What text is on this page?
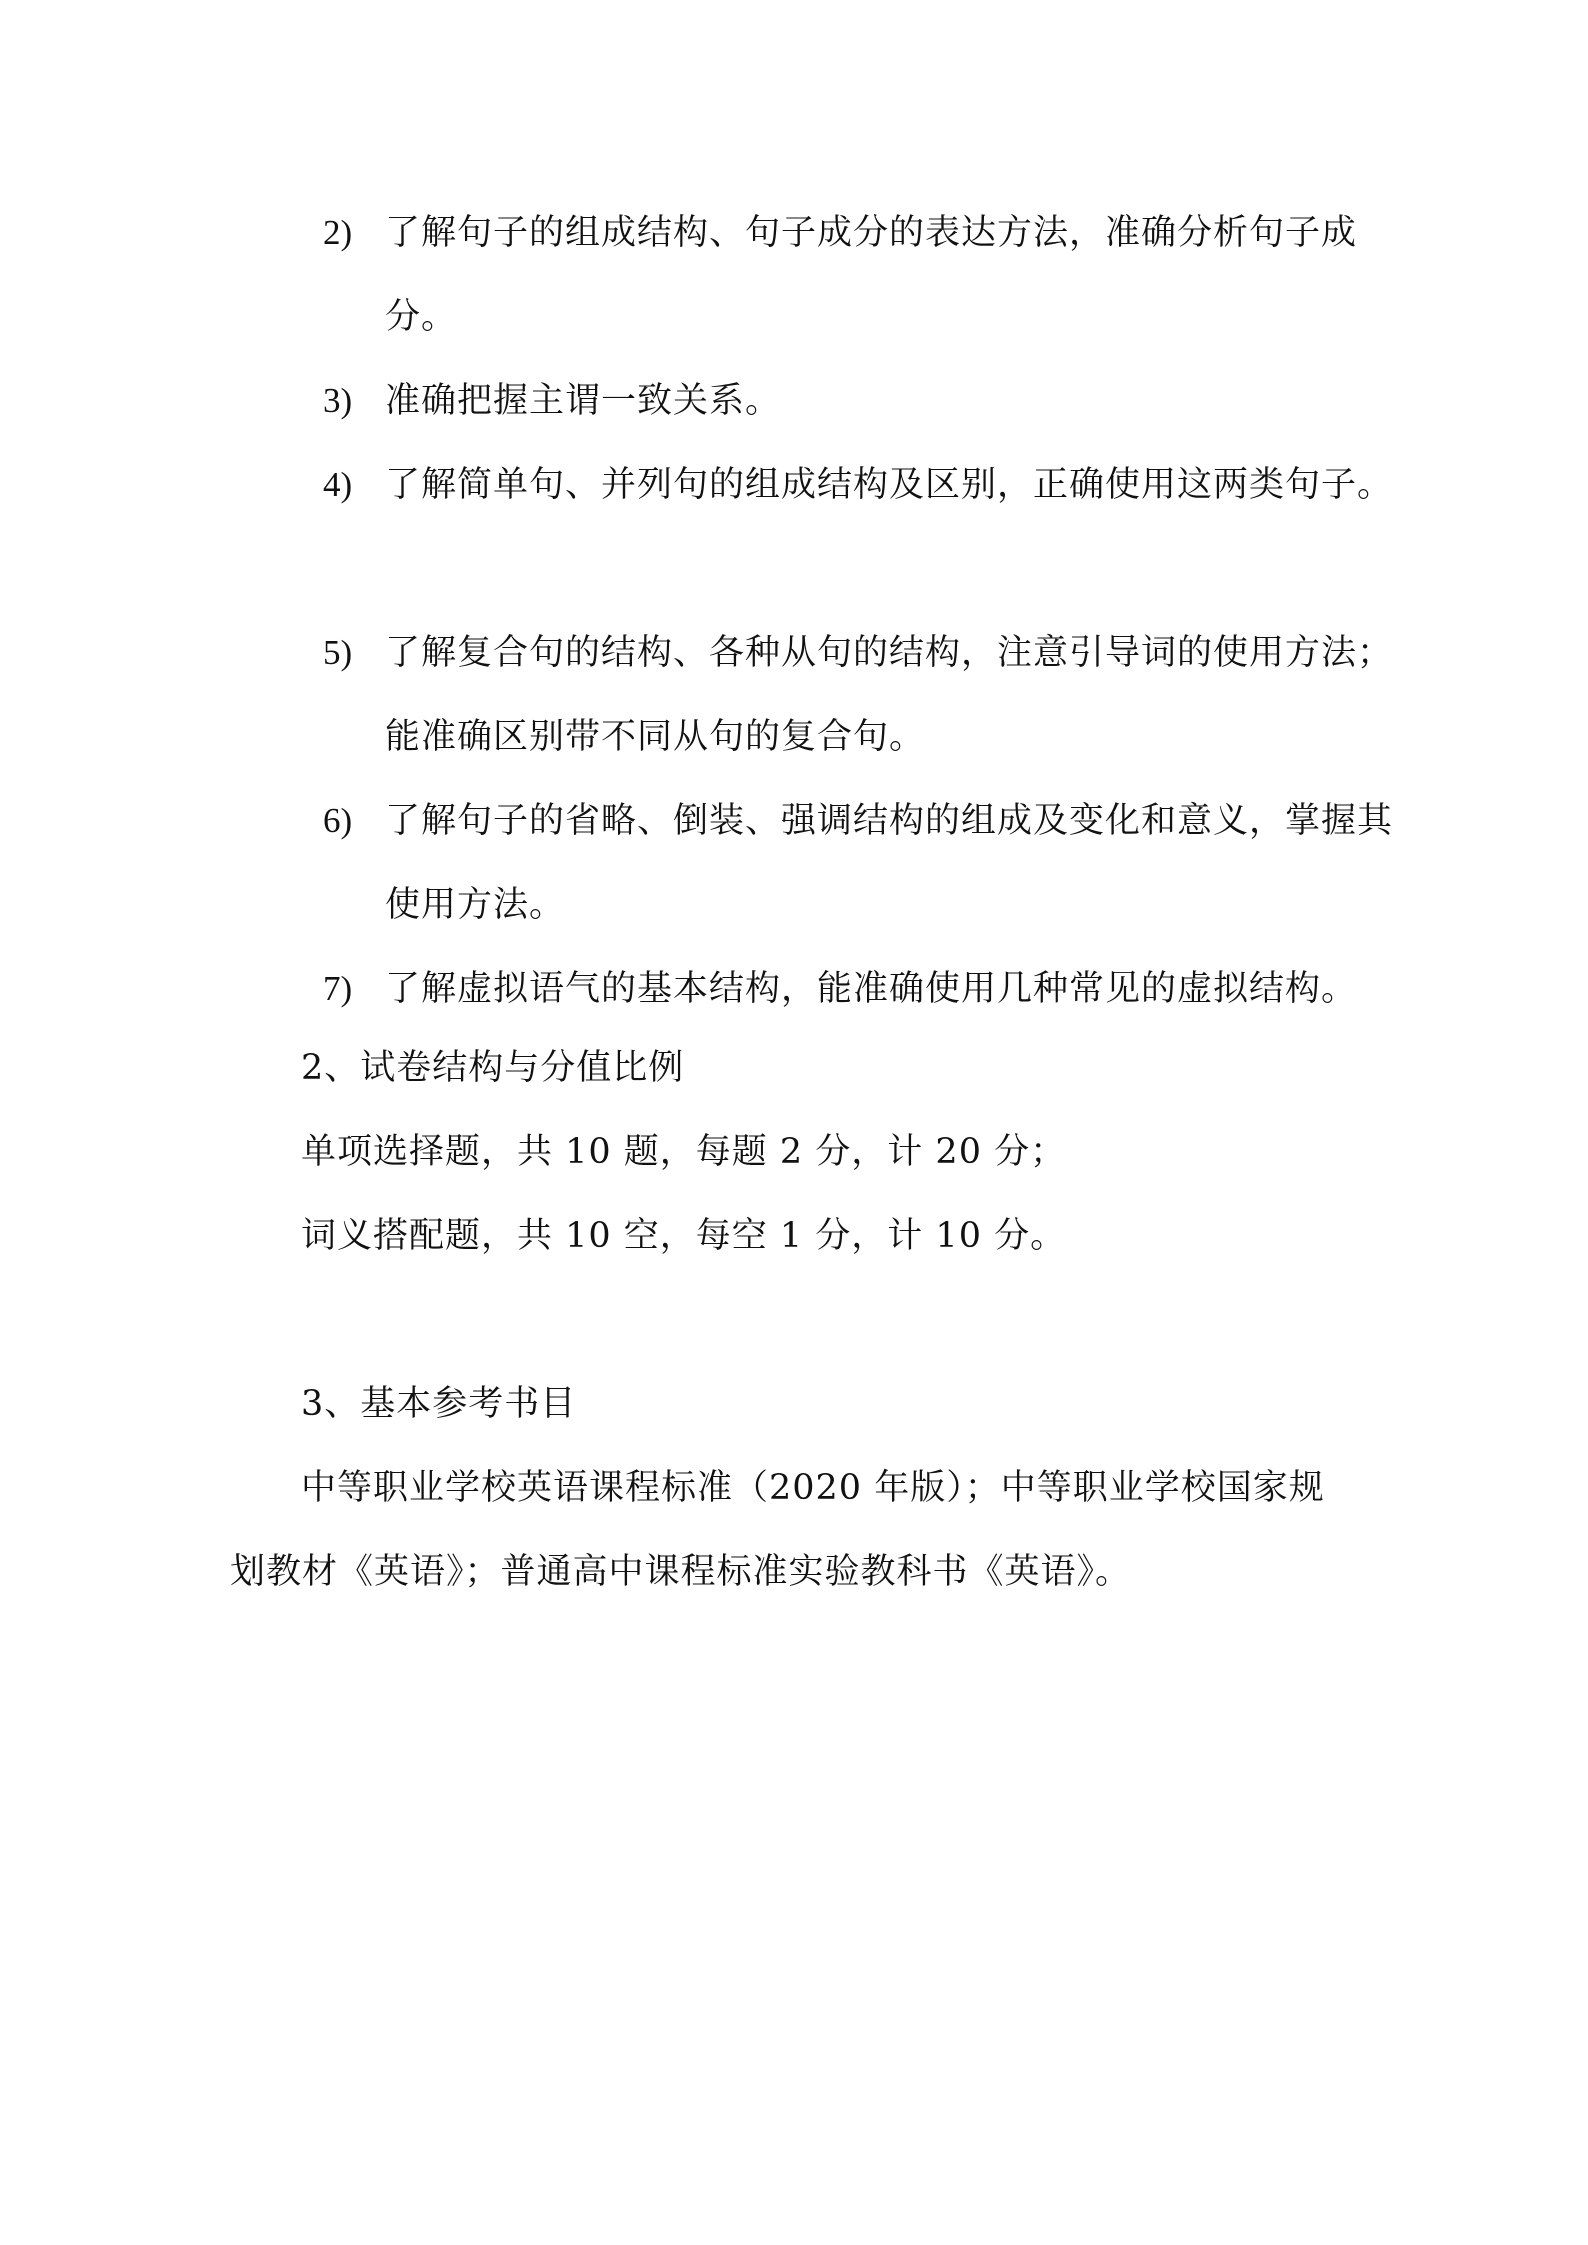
2) 了解句子的组成结构、句子成分的表达方法，准确分析句子成分。
3) 准确把握主谓一致关系。
4) 了解简单句、并列句的组成结构及区别，正确使用这两类句子。
5) 了解复合句的结构、各种从句的结构，注意引导词的使用方法；能准确区别带不同从句的复合句。
6) 了解句子的省略、倒装、强调结构的组成及变化和意义，掌握其使用方法。
7) 了解虚拟语气的基本结构，能准确使用几种常见的虚拟结构。
2、试卷结构与分值比例
单项选择题，共 10 题，每题 2 分，计 20 分；
词义搭配题，共 10 空，每空 1 分，计 10 分。
3、基本参考书目
中等职业学校英语课程标准（2020 年版）；中等职业学校国家规
划教材《英语》；普通高中课程标准实验教科书《英语》。
